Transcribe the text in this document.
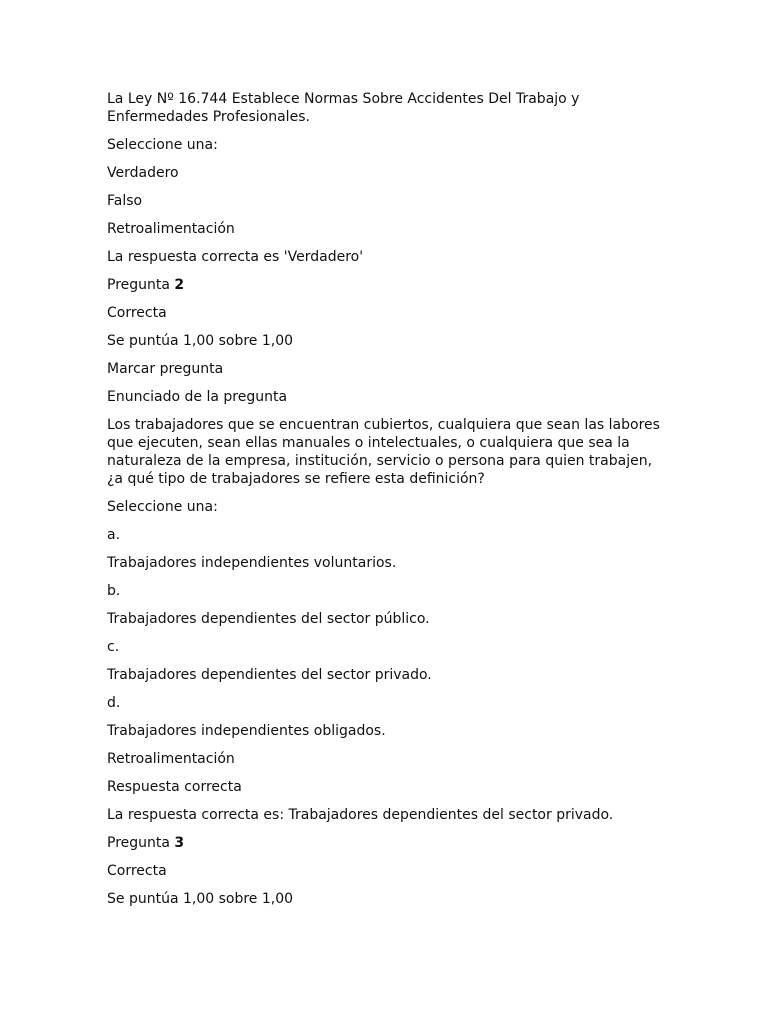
La Ley Nº 16.744 Establece Normas Sobre Accidentes Del Trabajo y Enfermedades Profesionales.

Seleccione una:

Verdadero

Falso

Retroalimentación

La respuesta correcta es 'Verdadero'

Pregunta 2

Correcta

Se puntúa 1,00 sobre 1,00

Marcar pregunta

Enunciado de la pregunta

Los trabajadores que se encuentran cubiertos, cualquiera que sean las labores que ejecuten, sean ellas manuales o intelectuales, o cualquiera que sea la naturaleza de la empresa, institución, servicio o persona para quien trabajen, ¿a qué tipo de trabajadores se refiere esta definición?

Seleccione una:

a.

Trabajadores independientes voluntarios.

b.

Trabajadores dependientes del sector público.

c.

Trabajadores dependientes del sector privado.

d.

Trabajadores independientes obligados.

Retroalimentación

Respuesta correcta

La respuesta correcta es: Trabajadores dependientes del sector privado.

Pregunta 3

Correcta

Se puntúa 1,00 sobre 1,00
